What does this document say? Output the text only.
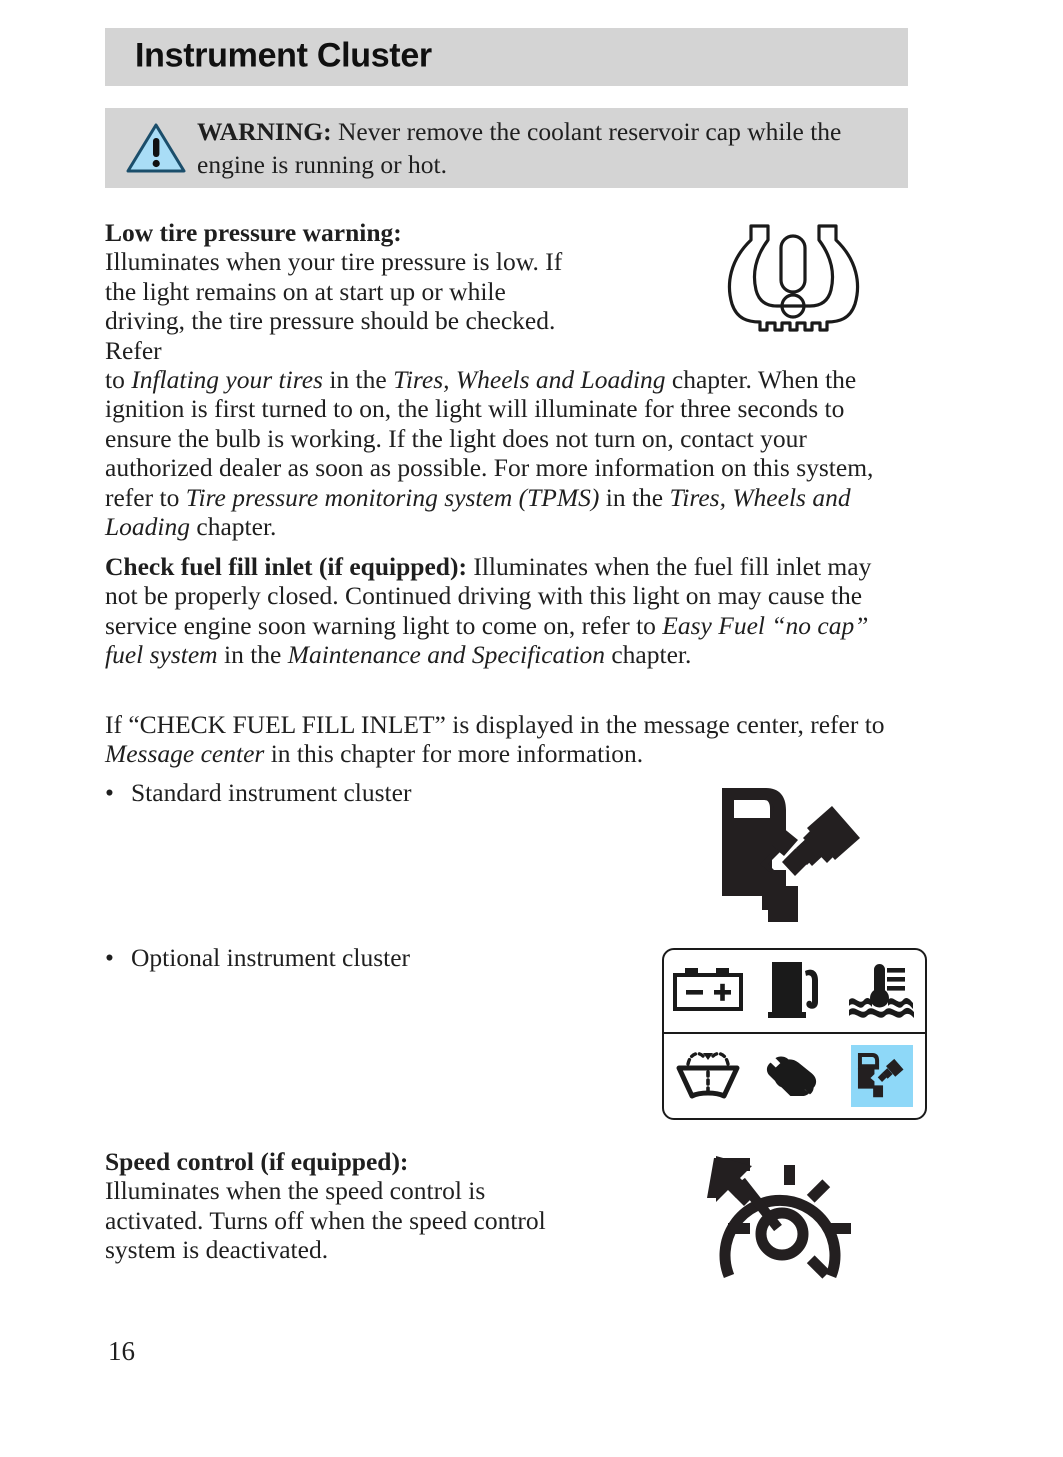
Instrument Cluster
WARNING: Never remove the coolant reservoir cap while the engine is running or hot.
Low tire pressure warning:
Illuminates when your tire pressure is low. If the light remains on at start up or while driving, the tire pressure should be checked. Refer
to Inflating your tires in the Tires, Wheels and Loading chapter. When the ignition is first turned to on, the light will illuminate for three seconds to ensure the bulb is working. If the light does not turn on, contact your authorized dealer as soon as possible. For more information on this system, refer to Tire pressure monitoring system (TPMS) in the Tires, Wheels and Loading chapter.
Check fuel fill inlet (if equipped): Illuminates when the fuel fill inlet may not be properly closed. Continued driving with this light on may cause the service engine soon warning light to come on, refer to Easy Fuel “no cap” fuel system in the Maintenance and Specification chapter.
If “CHECK FUEL FILL INLET” is displayed in the message center, refer to Message center in this chapter for more information.
• Standard instrument cluster
• Optional instrument cluster
Speed control (if equipped):
Illuminates when the speed control is activated. Turns off when the speed control system is deactivated.
16
